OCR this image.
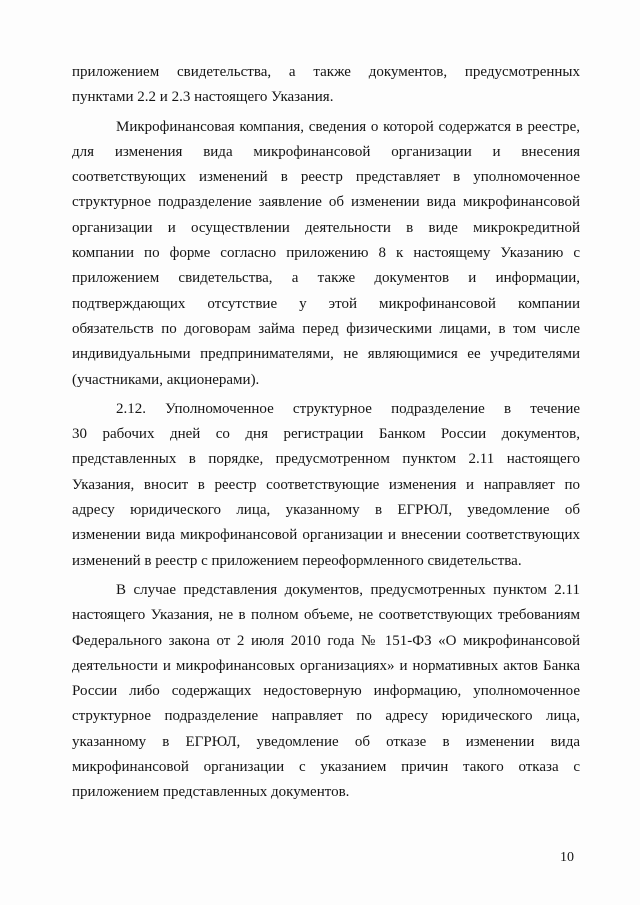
приложением свидетельства, а также документов, предусмотренных
пунктами 2.2 и 2.3 настоящего Указания.
Микрофинансовая компания, сведения о которой содержатся в реестре,
для изменения вида микрофинансовой организации и внесения
соответствующих изменений в реестр представляет в уполномоченное
структурное подразделение заявление об изменении вида микрофинансовой
организации и осуществлении деятельности в виде микрокредитной
компании по форме согласно приложению 8 к настоящему Указанию с
приложением свидетельства, а также документов и информации,
подтверждающих отсутствие у этой микрофинансовой компании
обязательств по договорам займа перед физическими лицами, в том числе
индивидуальными предпринимателями, не являющимися ее учредителями
(участниками, акционерами).
2.12. Уполномоченное структурное подразделение в течение
30 рабочих дней со дня регистрации Банком России документов,
представленных в порядке, предусмотренном пунктом 2.11 настоящего
Указания, вносит в реестр соответствующие изменения и направляет по
адресу юридического лица, указанному в ЕГРЮЛ, уведомление об
изменении вида микрофинансовой организации и внесении соответствующих
изменений в реестр с приложением переоформленного свидетельства.
В случае представления документов, предусмотренных пунктом 2.11
настоящего Указания, не в полном объеме, не соответствующих требованиям
Федерального закона от 2 июля 2010 года № 151-ФЗ «О микрофинансовой
деятельности и микрофинансовых организациях» и нормативных актов Банка
России либо содержащих недостоверную информацию, уполномоченное
структурное подразделение направляет по адресу юридического лица,
указанному в ЕГРЮЛ, уведомление об отказе в изменении вида
микрофинансовой организации с указанием причин такого отказа с
приложением представленных документов.
10
